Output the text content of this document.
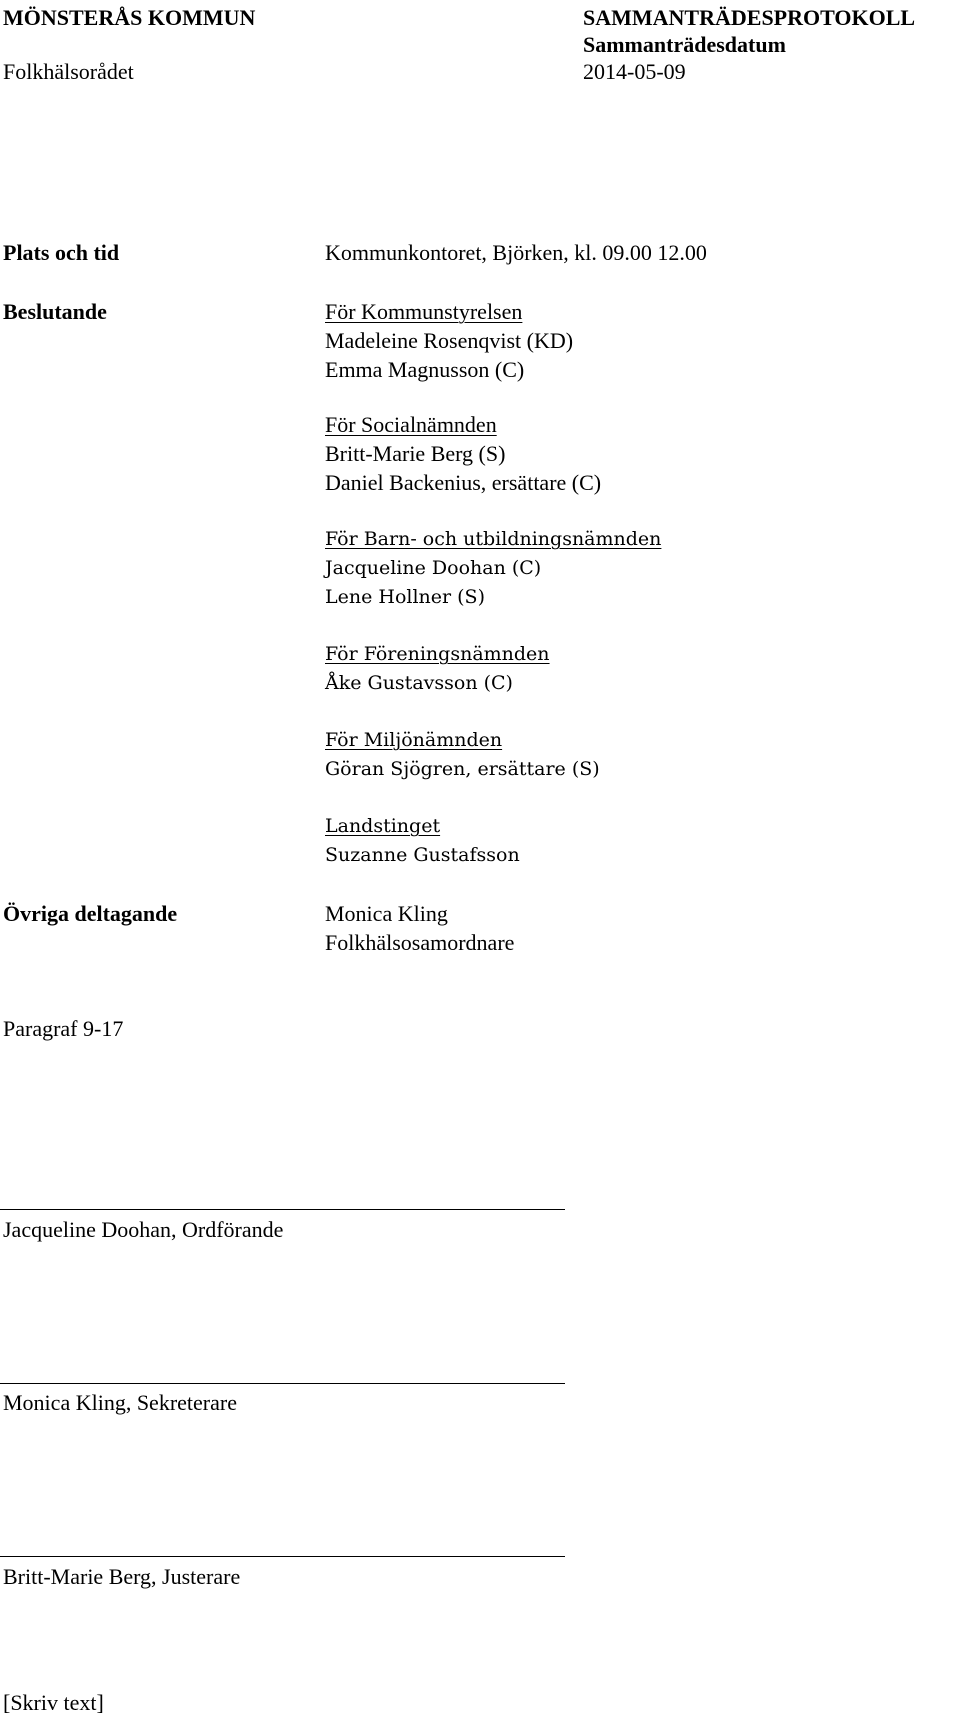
MÖNSTERÅS KOMMUN
Folkhälsorådet
SAMMANTRÄDESPROTOKOLL
Sammanträdesdatum
2014-05-09
Plats och tid	Kommunkontoret, Björken, kl. 09.00 12.00
Beslutande	För Kommunstyrelsen
Madeleine Rosenqvist (KD)
Emma Magnusson (C)
För Socialnämnden
Britt-Marie Berg (S)
Daniel Backenius, ersättare (C)
För Barn- och utbildningsnämnden
Jacqueline Doohan (C)
Lene Hollner (S)
För Föreningsnämnden
Åke Gustavsson (C)
För Miljönämnden
Göran Sjögren, ersättare (S)
Landstinget
Suzanne Gustafsson
Övriga deltagande	Monica Kling
Folkhälsosamordnare
Paragraf 9-17
Jacqueline Doohan, Ordförande
Monica Kling, Sekreterare
Britt-Marie Berg, Justerare
[Skriv text]
